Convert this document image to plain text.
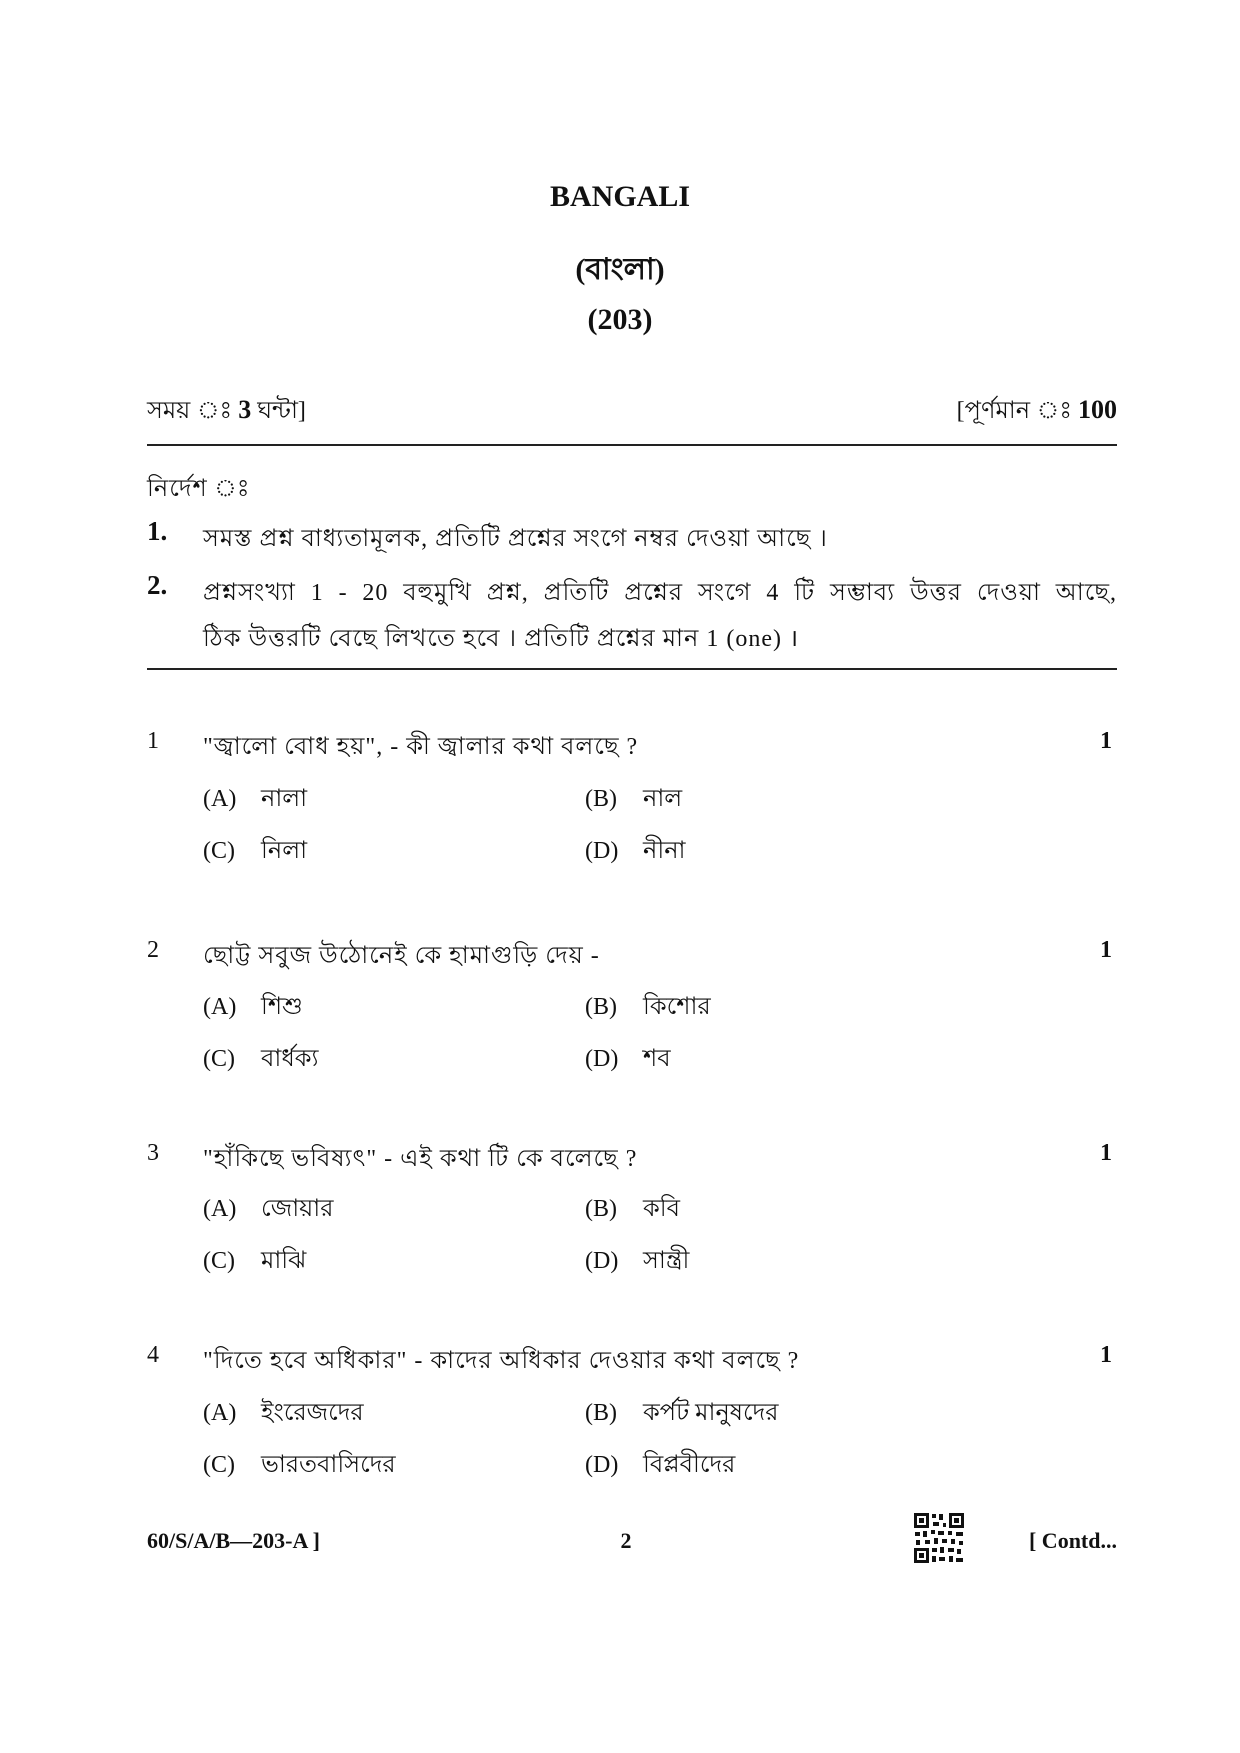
BANGALI
(বাংলা)
(203)
সময় ঃ 3 ঘন্টা]	[পূর্ণমান ঃ 100
নির্দেশ ঃ
1. সমস্ত প্রশ্ন বাধ্যতামূলক, প্রতিটি প্রশ্নের সংগে নম্বর দেওয়া আছে ।
2. প্রশ্নসংখ্যা 1 - 20 বহুমুখি প্রশ্ন, প্রতিটি প্রশ্নের সংগে 4 টি সম্ভাব্য উত্তর দেওয়া আছে,
ঠিক উত্তরটি বেছে লিখতে হবে । প্রতিটি প্রশ্নের মান 1 (one) ।
1 "জ্বালো বোধ হয়", - কী জ্বালার কথা বলছে ?	1
(A) নালা	(B) নাল
(C) নিলা	(D) নীনা
2 ছোট্ট সবুজ উঠোনেই কে হামাগুড়ি দেয় -	1
(A) শিশু	(B) কিশোর
(C) বার্ধক্য	(D) শব
3 "হাঁকিছে ভবিষ্যৎ" - এই কথা টি কে বলেছে ?	1
(A) জোয়ার	(B) কবি
(C) মাঝি	(D) সান্ত্রী
4 "দিতে হবে অধিকার" - কাদের অধিকার দেওয়ার কথা বলছে ?	1
(A) ইংরেজদের	(B) কর্পট মানুষদের
(C) ভারতবাসিদের	(D) বিপ্লবীদের
60/S/A/B—203-A ]	2	[ Contd...
